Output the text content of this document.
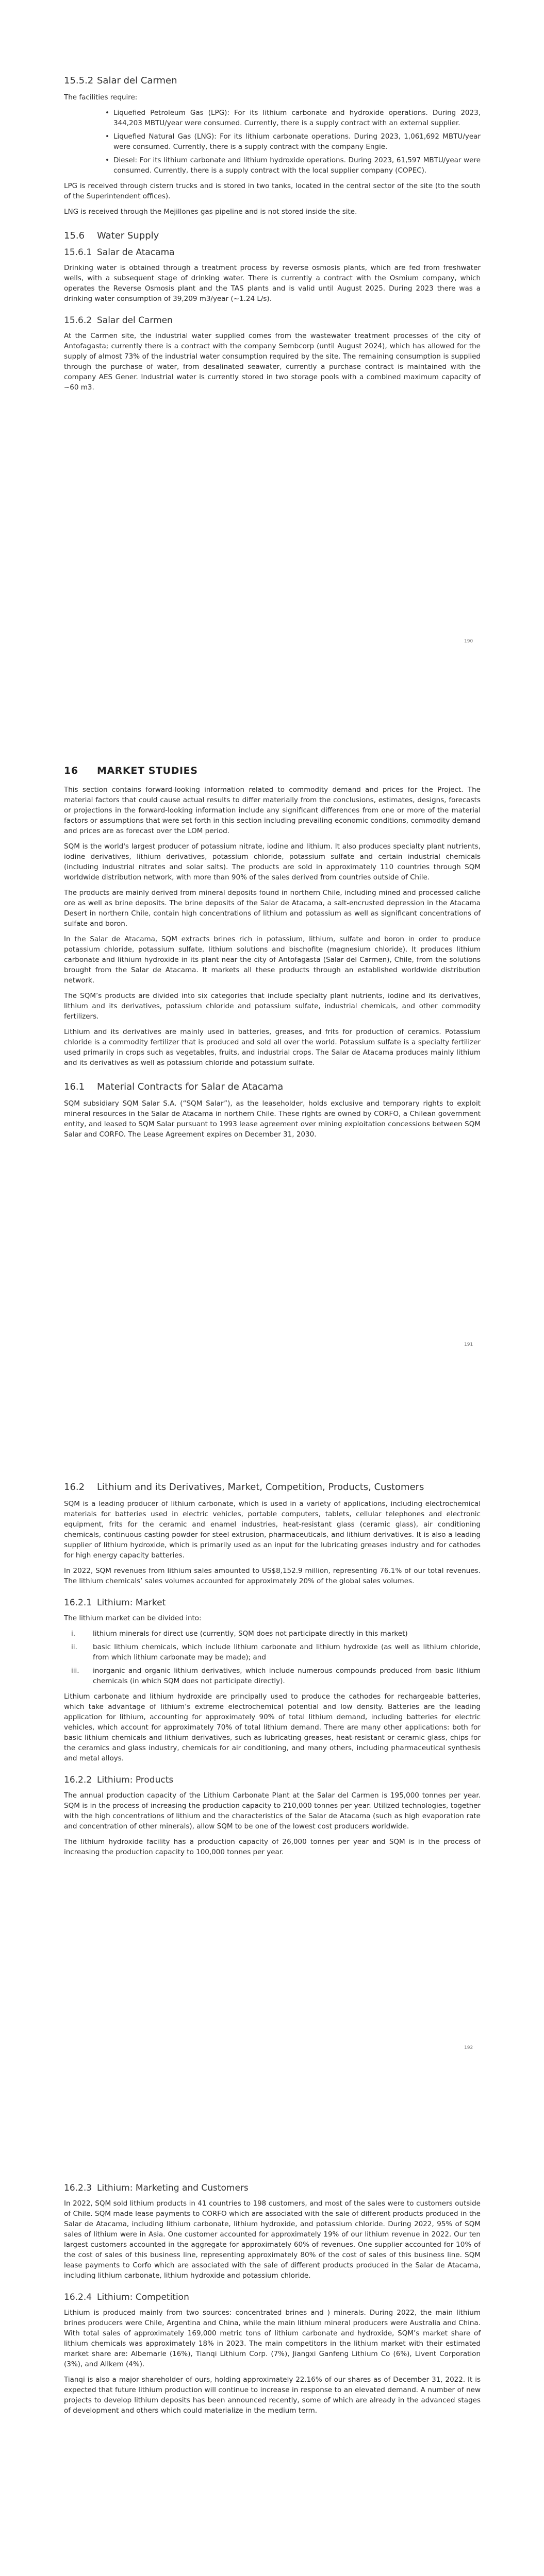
15.5.2 Salar del Carmen

The facilities require:

• Liquefied Petroleum Gas (LPG): For its lithium carbonate and hydroxide operations. During 2023, 344,203 MBTU/year were consumed. Currently, there is a supply contract with an external supplier.
• Liquefied Natural Gas (LNG): For its lithium carbonate operations. During 2023, 1,061,692 MBTU/year were consumed. Currently, there is a supply contract with the company Engie.
• Diesel: For its lithium carbonate and lithium hydroxide operations. During 2023, 61,597 MBTU/year were consumed. Currently, there is a supply contract with the local supplier company (COPEC).

LPG is received through cistern trucks and is stored in two tanks, located in the central sector of the site (to the south of the Superintendent offices).

LNG is received through the Mejillones gas pipeline and is not stored inside the site.

15.6 Water Supply
15.6.1 Salar de Atacama

Drinking water is obtained through a treatment process by reverse osmosis plants, which are fed from freshwater wells, with a subsequent stage of drinking water. There is currently a contract with the Osmium company, which operates the Reverse Osmosis plant and the TAS plants and is valid until August 2025. During 2023 there was a drinking water consumption of 39,209 m3/year (~1.24 L/s).

15.6.2 Salar del Carmen

At the Carmen site, the industrial water supplied comes from the wastewater treatment processes of the city of Antofagasta; currently there is a contract with the company Sembcorp (until August 2024), which has allowed for the supply of almost 73% of the industrial water consumption required by the site. The remaining consumption is supplied through the purchase of water, from desalinated seawater, currently a purchase contract is maintained with the company AES Gener. Industrial water is currently stored in two storage pools with a combined maximum capacity of ~60 m3.

190
16 MARKET STUDIES

This section contains forward-looking information related to commodity demand and prices for the Project. The material factors that could cause actual results to differ materially from the conclusions, estimates, designs, forecasts or projections in the forward-looking information include any significant differences from one or more of the material factors or assumptions that were set forth in this section including prevailing economic conditions, commodity demand and prices are as forecast over the LOM period.

SQM is the world's largest producer of potassium nitrate, iodine and lithium. It also produces specialty plant nutrients, iodine derivatives, lithium derivatives, potassium chloride, potassium sulfate and certain industrial chemicals (including industrial nitrates and solar salts). The products are sold in approximately 110 countries through SQM worldwide distribution network, with more than 90% of the sales derived from countries outside of Chile.

The products are mainly derived from mineral deposits found in northern Chile, including mined and processed caliche ore as well as brine deposits. The brine deposits of the Salar de Atacama, a salt-encrusted depression in the Atacama Desert in northern Chile, contain high concentrations of lithium and potassium as well as significant concentrations of sulfate and boron.

In the Salar de Atacama, SQM extracts brines rich in potassium, lithium, sulfate and boron in order to produce potassium chloride, potassium sulfate, lithium solutions and bischofite (magnesium chloride). It produces lithium carbonate and lithium hydroxide in its plant near the city of Antofagasta (Salar del Carmen), Chile, from the solutions brought from the Salar de Atacama. It markets all these products through an established worldwide distribution network.

The SQM’s products are divided into six categories that include specialty plant nutrients, iodine and its derivatives, lithium and its derivatives, potassium chloride and potassium sulfate, industrial chemicals, and other commodity fertilizers.

Lithium and its derivatives are mainly used in batteries, greases, and frits for production of ceramics. Potassium chloride is a commodity fertilizer that is produced and sold all over the world. Potassium sulfate is a specialty fertilizer used primarily in crops such as vegetables, fruits, and industrial crops. The Salar de Atacama produces mainly lithium and its derivatives as well as potassium chloride and potassium sulfate.

16.1 Material Contracts for Salar de Atacama

SQM subsidiary SQM Salar S.A. (“SQM Salar”), as the leaseholder, holds exclusive and temporary rights to exploit mineral resources in the Salar de Atacama in northern Chile. These rights are owned by CORFO, a Chilean government entity, and leased to SQM Salar pursuant to 1993 lease agreement over mining exploitation concessions between SQM Salar and CORFO. The Lease Agreement expires on December 31, 2030.

191
16.2 Lithium and its Derivatives, Market, Competition, Products, Customers

SQM is a leading producer of lithium carbonate, which is used in a variety of applications, including electrochemical materials for batteries used in electric vehicles, portable computers, tablets, cellular telephones and electronic equipment, frits for the ceramic and enamel industries, heat-resistant glass (ceramic glass), air conditioning chemicals, continuous casting powder for steel extrusion, pharmaceuticals, and lithium derivatives. It is also a leading supplier of lithium hydroxide, which is primarily used as an input for the lubricating greases industry and for cathodes for high energy capacity batteries.

In 2022, SQM revenues from lithium sales amounted to US$8,152.9 million, representing 76.1% of our total revenues. The lithium chemicals’ sales volumes accounted for approximately 20% of the global sales volumes.

16.2.1 Lithium: Market

The lithium market can be divided into:

i.	lithium minerals for direct use (currently, SQM does not participate directly in this market)
ii. basic lithium chemicals, which include lithium carbonate and lithium hydroxide (as well as lithium chloride, from which lithium carbonate may be made); and
iii. inorganic and organic lithium derivatives, which include numerous compounds produced from basic lithium chemicals (in which SQM does not participate directly).

Lithium carbonate and lithium hydroxide are principally used to produce the cathodes for rechargeable batteries, which take advantage of lithium’s extreme electrochemical potential and low density. Batteries are the leading application for lithium, accounting for approximately 90% of total lithium demand, including batteries for electric vehicles, which account for approximately 70% of total lithium demand. There are many other applications: both for basic lithium chemicals and lithium derivatives, such as lubricating greases, heat-resistant or ceramic glass, chips for the ceramics and glass industry, chemicals for air conditioning, and many others, including pharmaceutical synthesis and metal alloys.

16.2.2 Lithium: Products

The annual production capacity of the Lithium Carbonate Plant at the Salar del Carmen is 195,000 tonnes per year. SQM is in the process of increasing the production capacity to 210,000 tonnes per year. Utilized technologies, together with the high concentrations of lithium and the characteristics of the Salar de Atacama (such as high evaporation rate and concentration of other minerals), allow SQM to be one of the lowest cost producers worldwide.

The lithium hydroxide facility has a production capacity of 26,000 tonnes per year and SQM is in the process of increasing the production capacity to 100,000 tonnes per year.

192
16.2.3 Lithium: Marketing and Customers

In 2022, SQM sold lithium products in 41 countries to 198 customers, and most of the sales were to customers outside of Chile. SQM made lease payments to CORFO which are associated with the sale of different products produced in the Salar de Atacama, including lithium carbonate, lithium hydroxide, and potassium chloride. During 2022, 95% of SQM sales of lithium were in Asia. One customer accounted for approximately 19% of our lithium revenue in 2022. Our ten largest customers accounted in the aggregate for approximately 60% of revenues. One supplier accounted for 10% of the cost of sales of this business line, representing approximately 80% of the cost of sales of this business line. SQM lease payments to Corfo which are associated with the sale of different products produced in the Salar de Atacama, including lithium carbonate, lithium hydroxide and potassium chloride.

16.2.4 Lithium: Competition

Lithium is produced mainly from two sources: concentrated brines and ) minerals. During 2022, the main lithium brines producers were Chile, Argentina and China, while the main lithium mineral producers were Australia and China. With total sales of approximately 169,000 metric tons of lithium carbonate and hydroxide, SQM’s market share of lithium chemicals was approximately 18% in 2023. The main competitors in the lithium market with their estimated market share are: Albemarle (16%), Tianqi Lithium Corp. (7%), Jiangxi Ganfeng Lithium Co (6%), Livent Corporation (3%), and Allkem (4%).

Tianqi is also a major shareholder of ours, holding approximately 22.16% of our shares as of December 31, 2022. It is expected that future lithium production will continue to increase in response to an elevated demand. A number of new projects to develop lithium deposits has been announced recently, some of which are already in the advanced stages of development and others which could materialize in the medium term.
